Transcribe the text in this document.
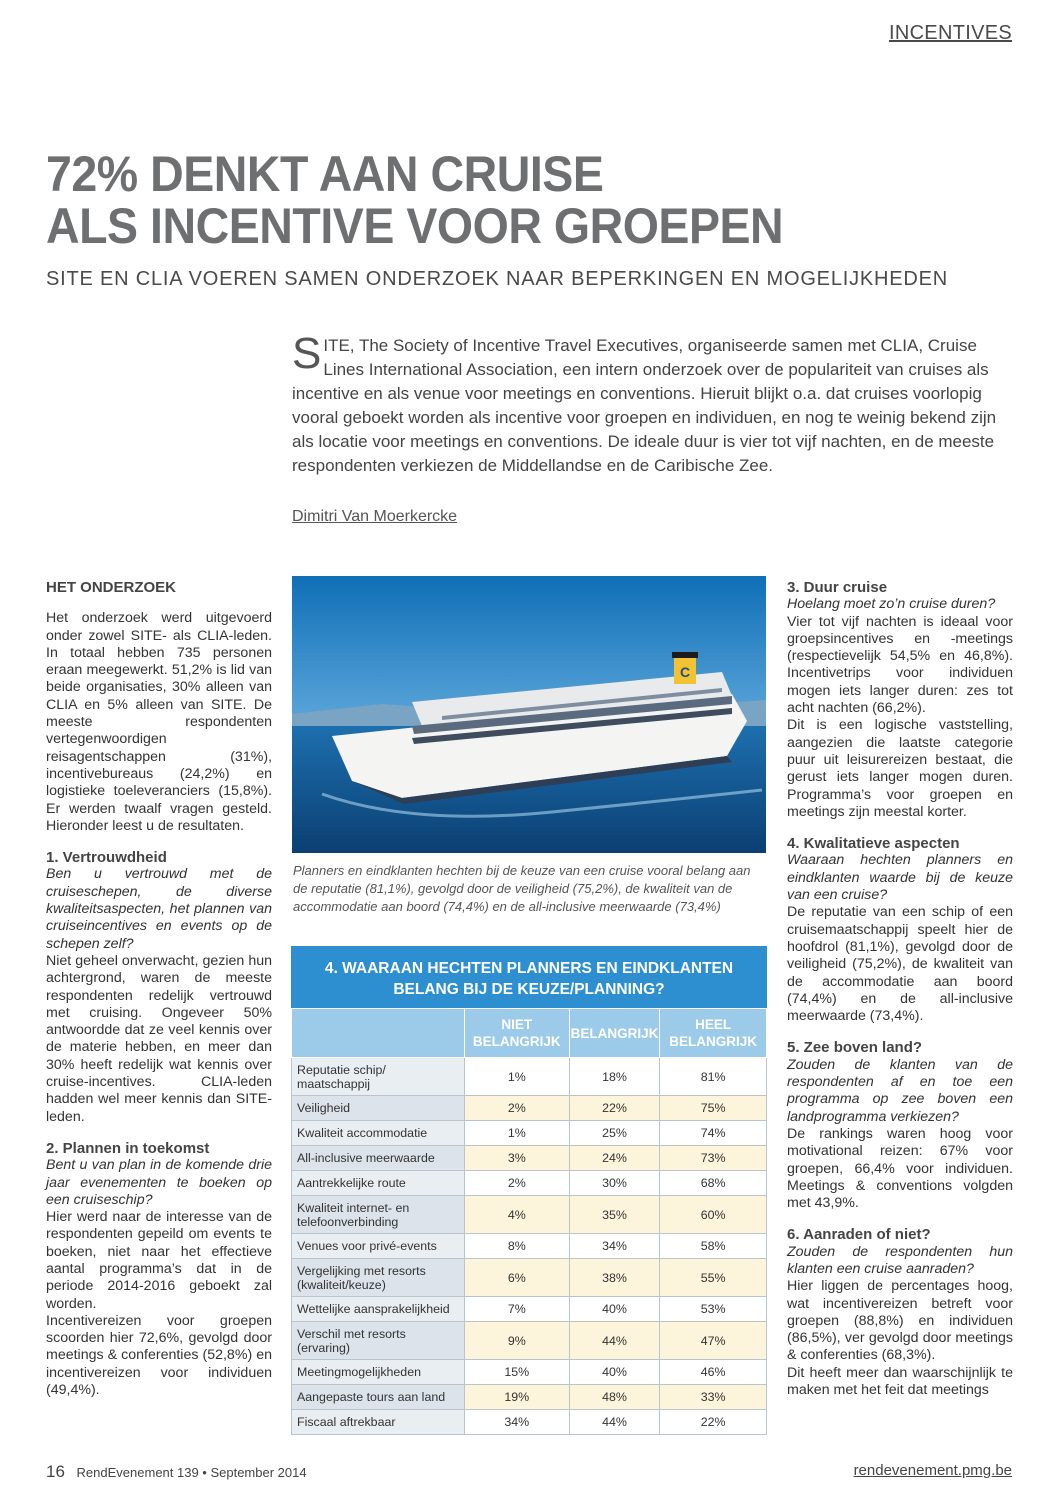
INCENTIVES
72% DENKT AAN CRUISE
ALS INCENTIVE VOOR GROEPEN
SITE EN CLIA VOEREN SAMEN ONDERZOEK NAAR BEPERKINGEN EN MOGELIJKHEDEN
S ITE, The Society of Incentive Travel Executives, organiseerde samen met CLIA, Cruise Lines International Association, een intern onderzoek over de populariteit van cruises als incentive en als venue voor meetings en conventions. Hieruit blijkt o.a. dat cruises voorlopig vooral geboekt worden als incentive voor groepen en individuen, en nog te weinig bekend zijn als locatie voor meetings en conventions. De ideale duur is vier tot vijf nachten, en de meeste respondenten verkiezen de Middellandse en de Caribische Zee.
Dimitri Van Moerkercke
HET ONDERZOEK

Het onderzoek werd uitgevoerd onder zowel SITE- als CLIA-leden. In totaal hebben 735 personen eraan meegewerkt. 51,2% is lid van beide organisaties, 30% alleen van CLIA en 5% alleen van SITE. De meeste respondenten vertegenwoordigen reisagentschappen (31%), incentivebureaus (24,2%) en logistieke toeleveranciers (15,8%). Er werden twaalf vragen gesteld. Hieronder leest u de resultaten.

1. Vertrouwdheid

Ben u vertrouwd met de cruiseschepen, de diverse kwaliteitsaspecten, het plannen van cruiseincentives en events op de schepen zelf?

Niet geheel onverwacht, gezien hun achtergrond, waren de meeste respondenten redelijk vertrouwd met cruising. Ongeveer 50% antwoordde dat ze veel kennis over de materie hebben, en meer dan 30% heeft redelijk wat kennis over cruise-incentives. CLIA-leden hadden wel meer kennis dan SITE-leden.

2. Plannen in toekomst

Bent u van plan in de komende drie jaar evenementen te boeken op een cruiseschip?

Hier werd naar de interesse van de respondenten gepeild om events te boeken, niet naar het effectieve aantal programma’s dat in de periode 2014-2016 geboekt zal worden.

Incentivereizen voor groepen scoorden hier 72,6%, gevolgd door meetings & conferenties (52,8%) en incentivereizen voor individuen (49,4%).

C
Planners en eindklanten hechten bij de keuze van een cruise vooral belang aan de reputatie (81,1%), gevolgd door de veiligheid (75,2%), de kwaliteit van de accommodatie aan boord (74,4%) en de all-inclusive meerwaarde (73,4%)
4. WAARAAN HECHTEN PLANNERS EN EINDKLANTEN
BELANG BIJ DE KEUZE/PLANNING?
	NIET BELANGRIJK	BELANGRIJK	HEEL BELANGRIJK
Reputatie schip/ maatschappij	1%	18%	81%
Veiligheid	2%	22%	75%
Kwaliteit accommodatie	1%	25%	74%
All-inclusive meerwaarde	3%	24%	73%
Aantrekkelijke route	2%	30%	68%
Kwaliteit internet- en telefoonverbinding	4%	35%	60%
Venues voor privé-events	8%	34%	58%
Vergelijking met resorts (kwaliteit/keuze)	6%	38%	55%
Wettelijke aansprakelijkheid	7%	40%	53%
Verschil met resorts (ervaring)	9%	44%	47%
Meetingmogelijkheden	15%	40%	46%
Aangepaste tours aan land	19%	48%	33%
Fiscaal aftrekbaar	34%	44%	22%
3. Duur cruise

Hoelang moet zo’n cruise duren?

Vier tot vijf nachten is ideaal voor groepsincentives en -meetings (respectievelijk 54,5% en 46,8%). Incentivetrips voor individuen mogen iets langer duren: zes tot acht nachten (66,2%).

Dit is een logische vaststelling, aangezien die laatste categorie puur uit leisurereizen bestaat, die gerust iets langer mogen duren. Programma’s voor groepen en meetings zijn meestal korter.

4. Kwalitatieve aspecten

Waaraan hechten planners en eindklanten waarde bij de keuze van een cruise?

De reputatie van een schip of een cruisemaatschappij speelt hier de hoofdrol (81,1%), gevolgd door de veiligheid (75,2%), de kwaliteit van de accommodatie aan boord (74,4%) en de all-inclusive meerwaarde (73,4%).

5. Zee boven land?

Zouden de klanten van de respondenten af en toe een programma op zee boven een landprogramma verkiezen?

De rankings waren hoog voor motivational reizen: 67% voor groepen, 66,4% voor individuen. Meetings & conventions volgden met 43,9%.

6. Aanraden of niet?

Zouden de respondenten hun klanten een cruise aanraden?

Hier liggen de percentages hoog, wat incentivereizen betreft voor groepen (88,8%) en individuen (86,5%), ver gevolgd door meetings & conferenties (68,3%).

Dit heeft meer dan waarschijnlijk te maken met het feit dat meetings

16 RendEvenement 139 • September 2014	rendevenement.pmg.be
